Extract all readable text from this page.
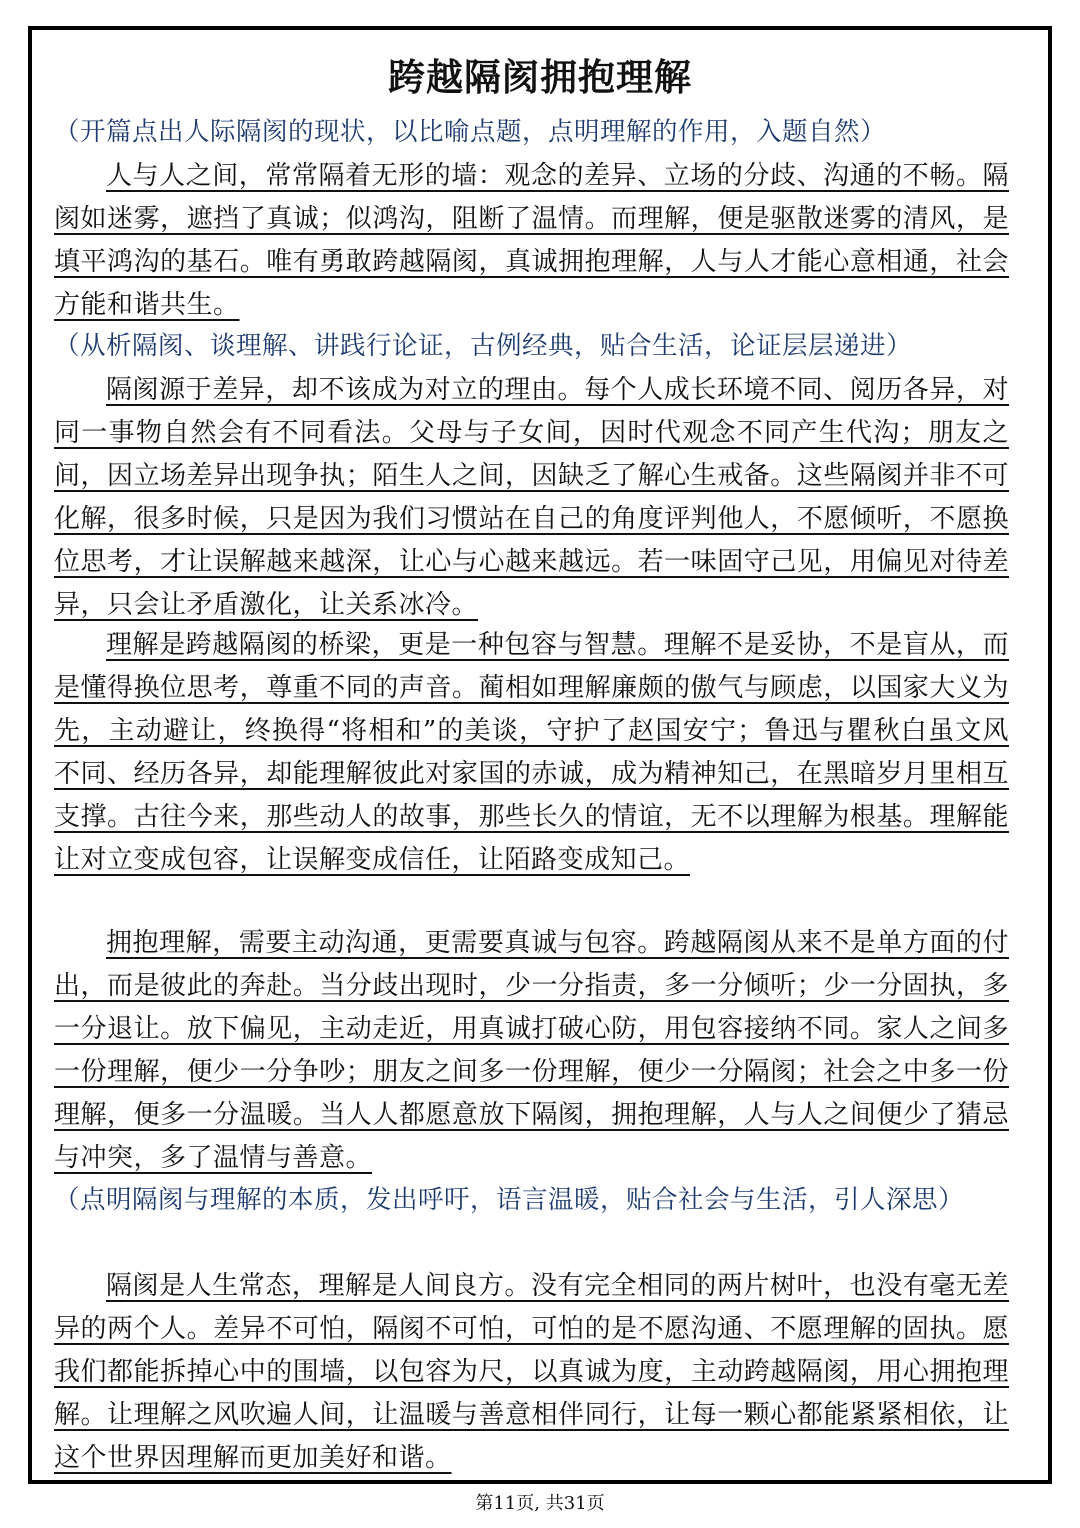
跨越隔阂拥抱理解

（开篇点出人际隔阂的现状，以比喻点题，点明理解的作用，入题自然）

人与人之间，常常隔着无形的墙：观念的差异、立场的分歧、沟通的不畅。隔阂如迷雾，遮挡了真诚；似鸿沟，阻断了温情。而理解，便是驱散迷雾的清风，是填平鸿沟的基石。唯有勇敢跨越隔阂，真诚拥抱理解，人与人才能心意相通，社会方能和谐共生。

（从析隔阂、谈理解、讲践行论证，古例经典，贴合生活，论证层层递进）

隔阂源于差异，却不该成为对立的理由。每个人成长环境不同、阅历各异，对同一事物自然会有不同看法。父母与子女间，因时代观念不同产生代沟；朋友之间，因立场差异出现争执；陌生人之间，因缺乏了解心生戒备。这些隔阂并非不可化解，很多时候，只是因为我们习惯站在自己的角度评判他人，不愿倾听，不愿换位思考，才让误解越来越深，让心与心越来越远。若一味固守己见，用偏见对待差异，只会让矛盾激化，让关系冰冷。

理解是跨越隔阂的桥梁，更是一种包容与智慧。理解不是妥协，不是盲从，而是懂得换位思考，尊重不同的声音。蔺相如理解廉颇的傲气与顾虑，以国家大义为先，主动避让，终换得“将相和”的美谈，守护了赵国安宁；鲁迅与瞿秋白虽文风不同、经历各异，却能理解彼此对家国的赤诚，成为精神知己，在黑暗岁月里相互支撑。古往今来，那些动人的故事，那些长久的情谊，无不以理解为根基。理解能让对立变成包容，让误解变成信任，让陌路变成知己。

拥抱理解，需要主动沟通，更需要真诚与包容。跨越隔阂从来不是单方面的付出，而是彼此的奔赴。当分歧出现时，少一分指责，多一分倾听；少一分固执，多一分退让。放下偏见，主动走近，用真诚打破心防，用包容接纳不同。家人之间多一份理解，便少一分争吵；朋友之间多一份理解，便少一分隔阂；社会之中多一份理解，便多一分温暖。当人人都愿意放下隔阂，拥抱理解，人与人之间便少了猜忌与冲突，多了温情与善意。

（点明隔阂与理解的本质，发出呼吁，语言温暖，贴合社会与生活，引人深思）

隔阂是人生常态，理解是人间良方。没有完全相同的两片树叶，也没有毫无差异的两个人。差异不可怕，隔阂不可怕，可怕的是不愿沟通、不愿理解的固执。愿我们都能拆掉心中的围墙，以包容为尺，以真诚为度，主动跨越隔阂，用心拥抱理解。让理解之风吹遍人间，让温暖与善意相伴同行，让每一颗心都能紧紧相依，让这个世界因理解而更加美好和谐。

第11页, 共31页
